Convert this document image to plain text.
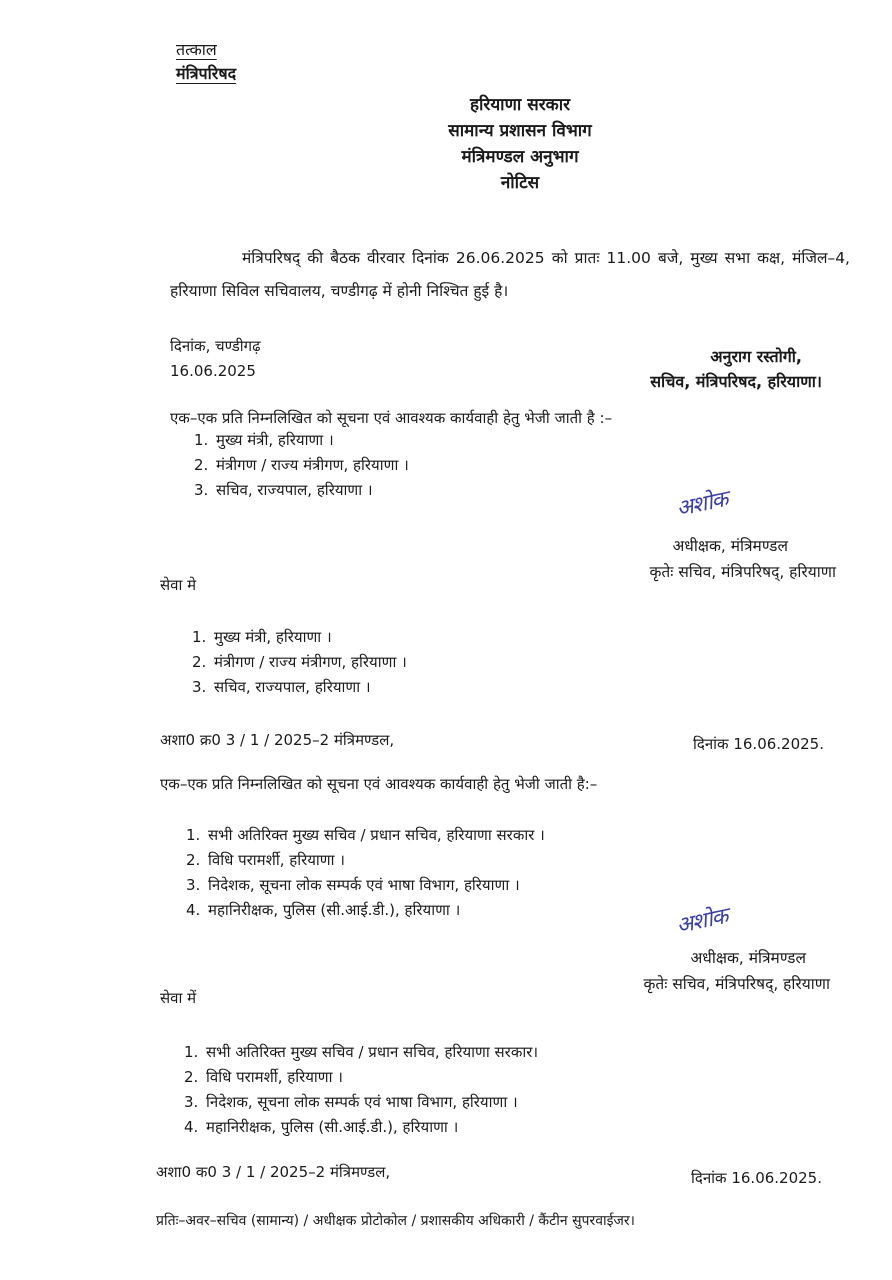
तत्काल
मंत्रिपरिषद
हरियाणा सरकार
सामान्य प्रशासन विभाग
मंत्रिमण्डल अनुभाग
नोटिस
मंत्रिपरिषद् की बैठक वीरवार दिनांक 26.06.2025 को प्रातः 11.00 बजे, मुख्य सभा कक्ष, मंजिल–4, हरियाणा सिविल सचिवालय, चण्डीगढ़ में होनी निश्चित हुई है।
दिनांक, चण्डीगढ़
16.06.2025
अनुराग रस्तोगी,
सचिव, मंत्रिपरिषद, हरियाणा।
एक–एक प्रति निम्नलिखित को सूचना एवं आवश्यक कार्यवाही हेतु भेजी जाती है :–
1. मुख्य मंत्री, हरियाणा ।
2. मंत्रीगण / राज्य मंत्रीगण, हरियाणा ।
3. सचिव, राज्यपाल, हरियाणा ।	अशोक
अधीक्षक, मंत्रिमण्डल
कृतेः सचिव, मंत्रिपरिषद्, हरियाणा
सेवा मे
1. मुख्य मंत्री, हरियाणा ।
2. मंत्रीगण / राज्य मंत्रीगण, हरियाणा ।
3. सचिव, राज्यपाल, हरियाणा ।
अशा0 क्र0 3 / 1 / 2025–2 मंत्रिमण्डल,	दिनांक 16.06.2025.
एक–एक प्रति निम्नलिखित को सूचना एवं आवश्यक कार्यवाही हेतु भेजी जाती है:–
1. सभी अतिरिक्त मुख्य सचिव / प्रधान सचिव, हरियाणा सरकार ।
2. विधि परामर्शी, हरियाणा ।
3. निदेशक, सूचना लोक सम्पर्क एवं भाषा विभाग, हरियाणा ।
4. महानिरीक्षक, पुलिस (सी.आई.डी.), हरियाणा ।	अशोक
अधीक्षक, मंत्रिमण्डल
कृतेः सचिव, मंत्रिपरिषद्, हरियाणा
सेवा में
1. सभी अतिरिक्त मुख्य सचिव / प्रधान सचिव, हरियाणा सरकार।
2. विधि परामर्शी, हरियाणा ।
3. निदेशक, सूचना लोक सम्पर्क एवं भाषा विभाग, हरियाणा ।
4. महानिरीक्षक, पुलिस (सी.आई.डी.), हरियाणा ।
अशा0 क0 3 / 1 / 2025–2 मंत्रिमण्डल,	दिनांक 16.06.2025.
प्रतिः–अवर–सचिव (सामान्य) / अधीक्षक प्रोटोकोल / प्रशासकीय अधिकारी / कैंटीन सुपरवाईजर।
